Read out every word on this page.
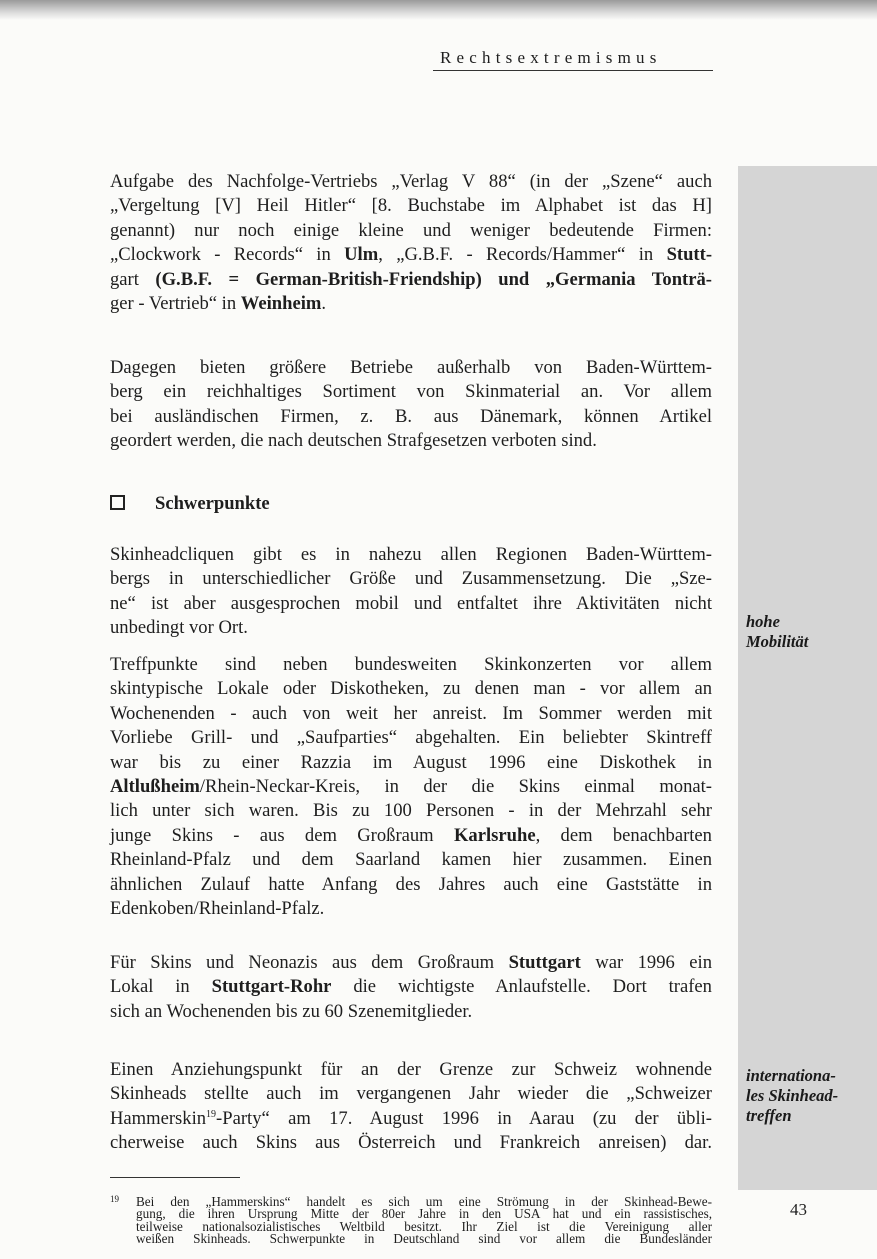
Rechtsextremismus
Aufgabe des Nachfolge-Vertriebs „Verlag V 88“ (in der „Szene“ auch
„Vergeltung [V] Heil Hitler“ [8. Buchstabe im Alphabet ist das H]
genannt) nur noch einige kleine und weniger bedeutende Firmen:
„Clockwork - Records“ in Ulm, „G.B.F. - Records/Hammer“ in Stutt-
gart (G.B.F. = German-British-Friendship) und „Germania Tonträ-
ger - Vertrieb“ in Weinheim.
Dagegen bieten größere Betriebe außerhalb von Baden-Württem-
berg ein reichhaltiges Sortiment von Skinmaterial an. Vor allem
bei ausländischen Firmen, z. B. aus Dänemark, können Artikel
geordert werden, die nach deutschen Strafgesetzen verboten sind.
Schwerpunkte
Skinheadcliquen gibt es in nahezu allen Regionen Baden-Württem-
bergs in unterschiedlicher Größe und Zusammensetzung. Die „Sze-
ne“ ist aber ausgesprochen mobil und entfaltet ihre Aktivitäten nicht
unbedingt vor Ort.
Treffpunkte sind neben bundesweiten Skinkonzerten vor allem
skintypische Lokale oder Diskotheken, zu denen man - vor allem an
Wochenenden - auch von weit her anreist. Im Sommer werden mit
Vorliebe Grill- und „Saufparties“ abgehalten. Ein beliebter Skintreff
war bis zu einer Razzia im August 1996 eine Diskothek in
Altlußheim/Rhein-Neckar-Kreis, in der die Skins einmal monat-
lich unter sich waren. Bis zu 100 Personen - in der Mehrzahl sehr
junge Skins - aus dem Großraum Karlsruhe, dem benachbarten
Rheinland-Pfalz und dem Saarland kamen hier zusammen. Einen
ähnlichen Zulauf hatte Anfang des Jahres auch eine Gaststätte in
Edenkoben/Rheinland-Pfalz.
Für Skins und Neonazis aus dem Großraum Stuttgart war 1996 ein
Lokal in Stuttgart-Rohr die wichtigste Anlaufstelle. Dort trafen
sich an Wochenenden bis zu 60 Szenemitglieder.
Einen Anziehungspunkt für an der Grenze zur Schweiz wohnende
Skinheads stellte auch im vergangenen Jahr wieder die „Schweizer
Hammerskin$^{19}$-Party“ am 17. August 1996 in Aarau (zu der übli-
cherweise auch Skins aus Österreich und Frankreich anreisen) dar.
hohe
Mobilität
internationa-
les Skinhead-
treffen
19 Bei den „Hammerskins“ handelt es sich um eine Strömung in der Skinhead-Bewe-
gung, die ihren Ursprung Mitte der 80er Jahre in den USA hat und ein rassistisches,
teilweise nationalsozialistisches Weltbild besitzt. Ihr Ziel ist die Vereinigung aller
weißen Skinheads. Schwerpunkte in Deutschland sind vor allem die Bundesländer
43
